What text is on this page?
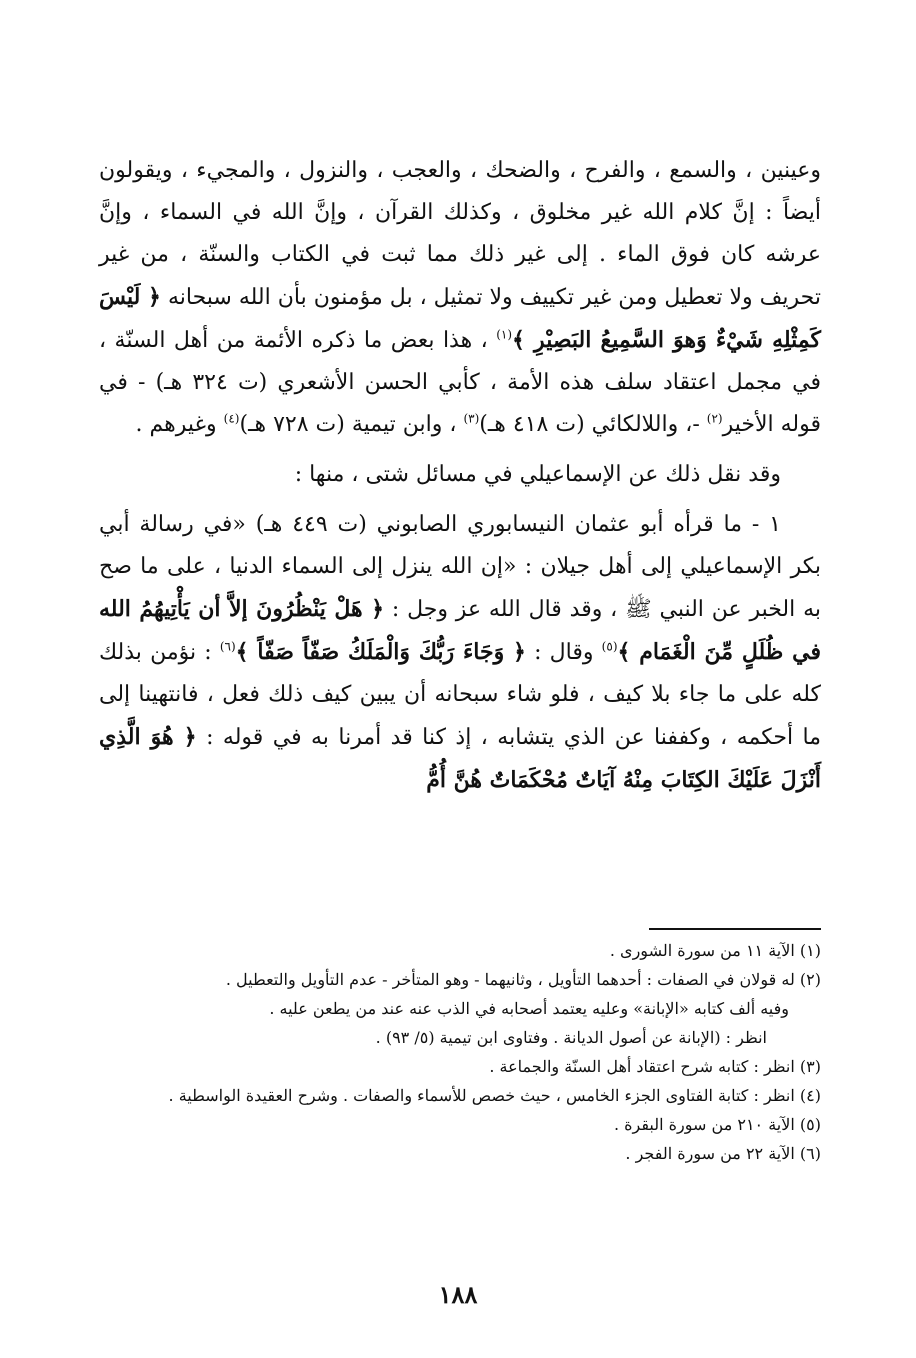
وعينين ، والسمع ، والفرح ، والضحك ، والعجب ، والنزول ، والمجيء ، ويقولون أيضاً : إنَّ كلام الله غير مخلوق ، وكذلك القرآن ، وإنَّ الله في السماء ، وإنَّ عرشه كان فوق الماء . إلى غير ذلك مما ثبت في الكتاب والسنّة ، من غير تحريف ولا تعطيل ومن غير تكييف ولا تمثيل ، بل مؤمنون بأن الله سبحانه ﴿ لَيْسَ كَمِثْلِهِ شَيْءٌ وَهوَ السَّمِيعُ البَصِيْرِ ﴾$^{(١)}$ ، هذا بعض ما ذكره الأئمة من أهل السنّة ، في مجمل اعتقاد سلف هذه الأمة ، كأبي الحسن الأشعري (ت ٣٢٤ هـ) - في قوله الأخير$^{(٢)}$ -، واللالكائي (ت ٤١٨ هـ)$^{(٣)}$ ، وابن تيمية (ت ٧٢٨ هـ)$^{(٤)}$ وغيرهم .

وقد نقل ذلك عن الإسماعيلي في مسائل شتى ، منها :

١ - ما قرأه أبو عثمان النيسابوري الصابوني (ت ٤٤٩ هـ) «في رسالة أبي بكر الإسماعيلي إلى أهل جيلان : «إن الله ينزل إلى السماء الدنيا ، على ما صح به الخبر عن النبي ﷺ ، وقد قال الله عز وجل : ﴿ هَلْ يَنْظُرُونَ إلاَّ أن يَأْتِيهُمُ الله في ظُلَلٍ مِّنَ الْغَمَام ﴾$^{(٥)}$ وقال : ﴿ وَجَاءَ رَبُّكَ وَالْمَلَكُ صَفّاً صَفّاً ﴾$^{(٦)}$ : نؤمن بذلك كله على ما جاء بلا كيف ، فلو شاء سبحانه أن يبين كيف ذلك فعل ، فانتهينا إلى ما أحكمه ، وكففنا عن الذي يتشابه ، إذ كنا قد أمرنا به في قوله : ﴿ هُوَ الَّذِي أَنْزَلَ عَلَيْكَ الكِتَابَ مِنْهُ آيَاتٌ مُحْكَمَاتٌ هُنَّ أُمُّ

(١) الآية ١١ من سورة الشورى .

(٢) له قولان في الصفات : أحدهما التأويل ، وثانيهما - وهو المتأخر - عدم التأويل والتعطيل .

وفيه ألف كتابه «الإبانة» وعليه يعتمد أصحابه في الذب عنه عند من يطعن عليه .

انظر : (الإبانة عن أصول الديانة . وفتاوى ابن تيمية (٥/ ٩٣) .

(٣) انظر : كتابه شرح اعتقاد أهل السنّة والجماعة .

(٤) انظر : كتابة الفتاوى الجزء الخامس ، حيث خصص للأسماء والصفات . وشرح العقيدة الواسطية .

(٥) الآية ٢١٠ من سورة البقرة .

(٦) الآية ٢٢ من سورة الفجر .

١٨٨
